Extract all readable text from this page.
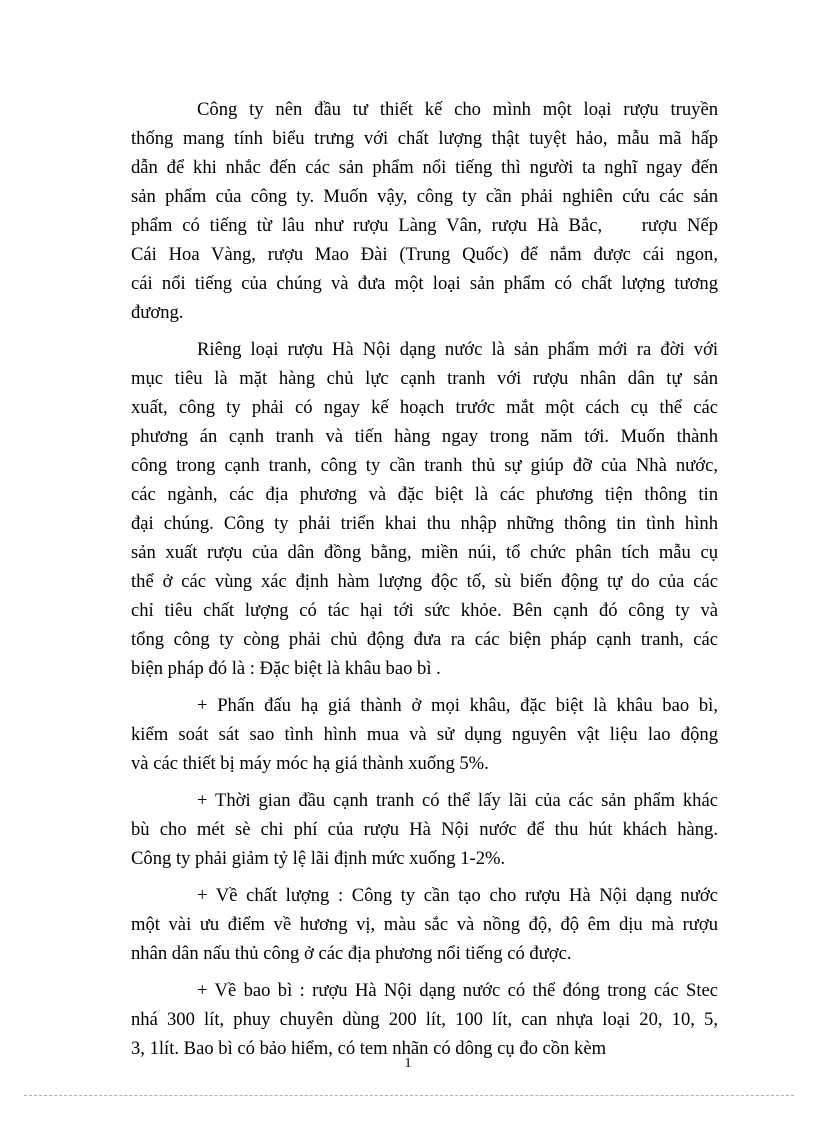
Công ty nên đầu tư thiết kế cho mình một loại rượu truyền
thống mang tính biểu trưng với chất lượng thật tuyệt hảo, mẫu mã hấp
dẫn để khi nhắc đến các sản phẩm nổi tiếng thì người ta nghĩ ngay đến
sản phẩm của công ty. Muốn vậy, công ty cần phải nghiên cứu các sản
phẩm có tiếng từ lâu như rượu Làng Vân, rượu Hà Bắc,    rượu Nếp
Cái Hoa Vàng, rượu Mao Đài (Trung Quốc) để nắm được cái ngon,
cái nổi tiếng của chúng và đưa một loại sản phẩm có chất lượng tương
đương.
Riêng loại rượu Hà Nội dạng nước là sản phẩm mới ra đời với
mục tiêu là mặt hàng chủ lực cạnh tranh với rượu nhân dân tự sản
xuất, công ty phải có ngay kế hoạch trước mắt một cách cụ thể các
phương án cạnh tranh và tiến hàng ngay trong năm tới. Muốn thành
công trong cạnh tranh, công ty cần tranh thủ sự giúp đỡ của Nhà nước,
các ngành, các địa phương và đặc biệt là các phương tiện thông tin
đại chúng. Công ty phải triển khai thu nhập những thông tin tình hình
sản xuất rượu của dân đồng bằng, miền núi, tổ chức phân tích mẫu cụ
thể ở các vùng xác định hàm lượng độc tố, sù biến động tự do của các
chỉ tiêu chất lượng có tác hại tới sức khỏe. Bên cạnh đó công ty và
tổng công ty còng phải chủ động đưa ra các biện pháp cạnh tranh, các
biện pháp đó là : Đặc biệt là khâu bao bì .
+ Phấn đấu hạ giá thành ở mọi khâu, đặc biệt là khâu bao bì,
kiểm soát sát sao tình hình mua và sử dụng nguyên vật liệu lao động
và các thiết bị máy móc hạ giá thành xuống 5%.
+ Thời gian đầu cạnh tranh có thể lấy lãi của các sản phẩm khác
bù cho mét sè chi phí của rượu Hà Nội nước để thu hút khách hàng.
Công ty phải giảm tỷ lệ lãi định mức xuống 1-2%.
+ Về chất lượng : Công ty cần tạo cho rượu Hà Nội dạng nước
một vài ưu điểm về hương vị, màu sắc và nồng độ, độ êm dịu mà rượu
nhân dân nấu thủ công ở các địa phương nổi tiếng có được.
+ Về bao bì : rượu Hà Nội dạng nước có thể đóng trong các Stec
nhá 300 lít, phuy chuyên dùng 200 lít, 100 lít, can nhựa loại 20, 10, 5,
3, 1lít. Bao bì có bảo hiểm, có tem nhãn có dông cụ đo cồn kèm
1
